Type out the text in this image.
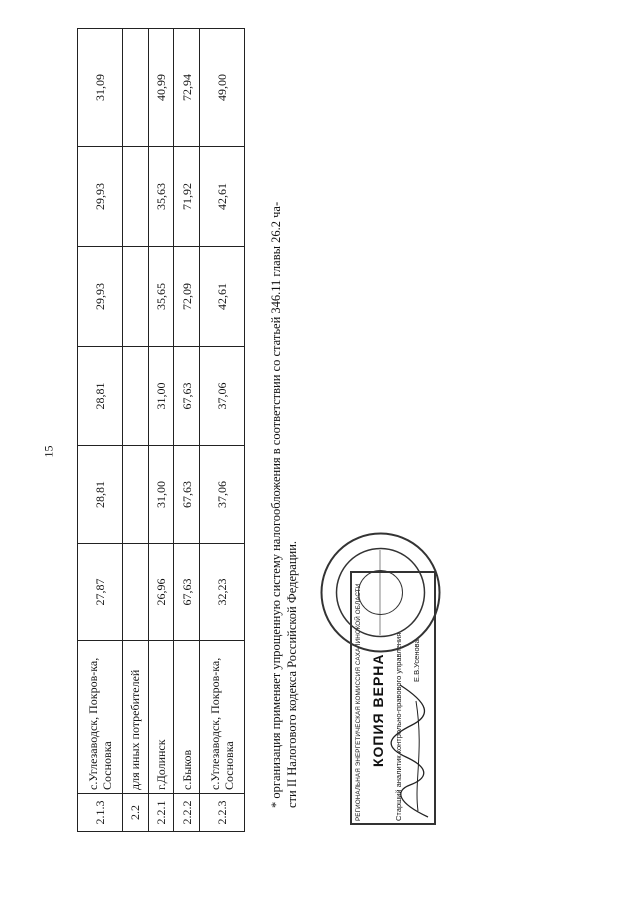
15
2.1.3	с.Углезаводск, Покров-ка, Сосновка	27,87	28,81	28,81	29,93	29,93	31,09
2.2	для иных потребителей						
2.2.1	г.Долинск	26,96	31,00	31,00	35,65	35,63	40,99
2.2.2	с.Быков	67,63	67,63	67,63	72,09	71,92	72,94
2.2.3	с.Углезаводск, Покров-ка, Сосновка	32,23	37,06	37,06	42,61	42,61	49,00
* организация применяет упрощенную систему налогообложения в соответствии со статьей 346.11 главы 26.2 ча- сти II Налогового кодекса Российской Федерации.	РЕГИОНАЛЬНАЯ ЭНЕРГЕТИЧЕСКАЯ КОМИССИЯ САХАЛИНСКОЙ ОБЛАСТИ КОПИЯ ВЕРНА Старший аналитик контрольно-правового управления Е.В.Усенова
